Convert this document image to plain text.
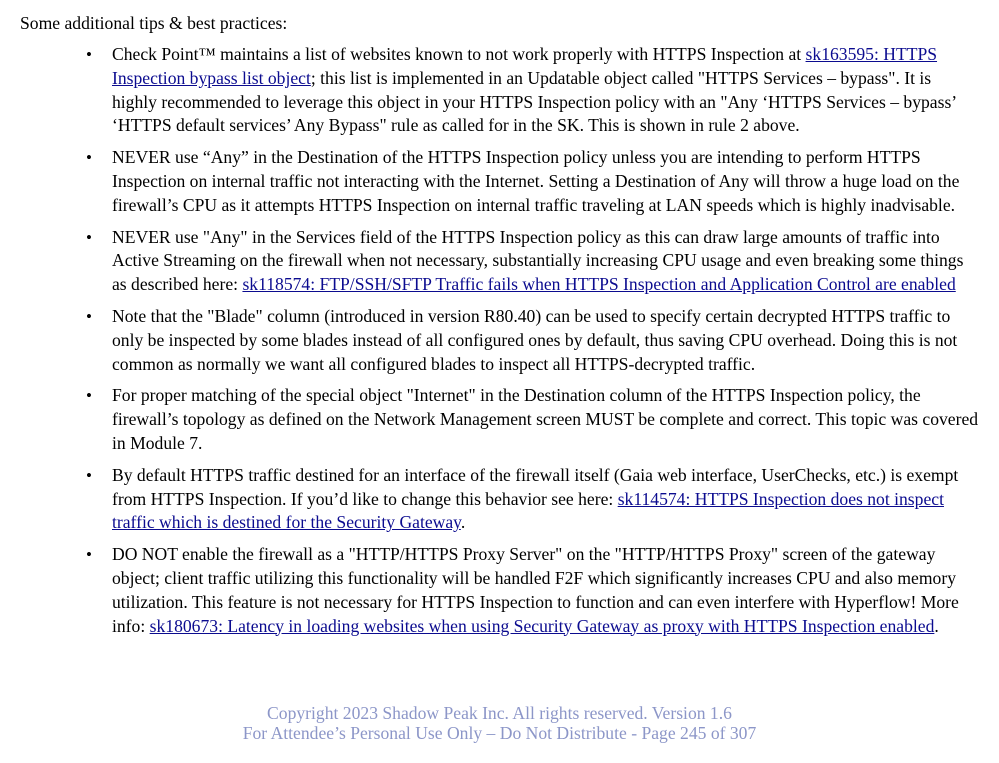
Some additional tips & best practices:
• Check Point™ maintains a list of websites known to not work properly with HTTPS Inspection at sk163595: HTTPS Inspection bypass list object; this list is implemented in an Updatable object called "HTTPS Services – bypass". It is highly recommended to leverage this object in your HTTPS Inspection policy with an "Any ‘HTTPS Services – bypass’ ‘HTTPS default services’ Any Bypass" rule as called for in the SK. This is shown in rule 2 above.
• NEVER use “Any” in the Destination of the HTTPS Inspection policy unless you are intending to perform HTTPS Inspection on internal traffic not interacting with the Internet. Setting a Destination of Any will throw a huge load on the firewall’s CPU as it attempts HTTPS Inspection on internal traffic traveling at LAN speeds which is highly inadvisable.
• NEVER use "Any" in the Services field of the HTTPS Inspection policy as this can draw large amounts of traffic into Active Streaming on the firewall when not necessary, substantially increasing CPU usage and even breaking some things as described here: sk118574: FTP/SSH/SFTP Traffic fails when HTTPS Inspection and Application Control are enabled
• Note that the "Blade" column (introduced in version R80.40) can be used to specify certain decrypted HTTPS traffic to only be inspected by some blades instead of all configured ones by default, thus saving CPU overhead. Doing this is not common as normally we want all configured blades to inspect all HTTPS-decrypted traffic.
• For proper matching of the special object "Internet" in the Destination column of the HTTPS Inspection policy, the firewall’s topology as defined on the Network Management screen MUST be complete and correct. This topic was covered in Module 7.
• By default HTTPS traffic destined for an interface of the firewall itself (Gaia web interface, UserChecks, etc.) is exempt from HTTPS Inspection. If you’d like to change this behavior see here: sk114574: HTTPS Inspection does not inspect traffic which is destined for the Security Gateway.
• DO NOT enable the firewall as a "HTTP/HTTPS Proxy Server" on the "HTTP/HTTPS Proxy" screen of the gateway object; client traffic utilizing this functionality will be handled F2F which significantly increases CPU and also memory utilization. This feature is not necessary for HTTPS Inspection to function and can even interfere with Hyperflow! More info: sk180673: Latency in loading websites when using Security Gateway as proxy with HTTPS Inspection enabled.
Copyright 2023 Shadow Peak Inc. All rights reserved. Version 1.6
For Attendee’s Personal Use Only – Do Not Distribute - Page 245 of 307
